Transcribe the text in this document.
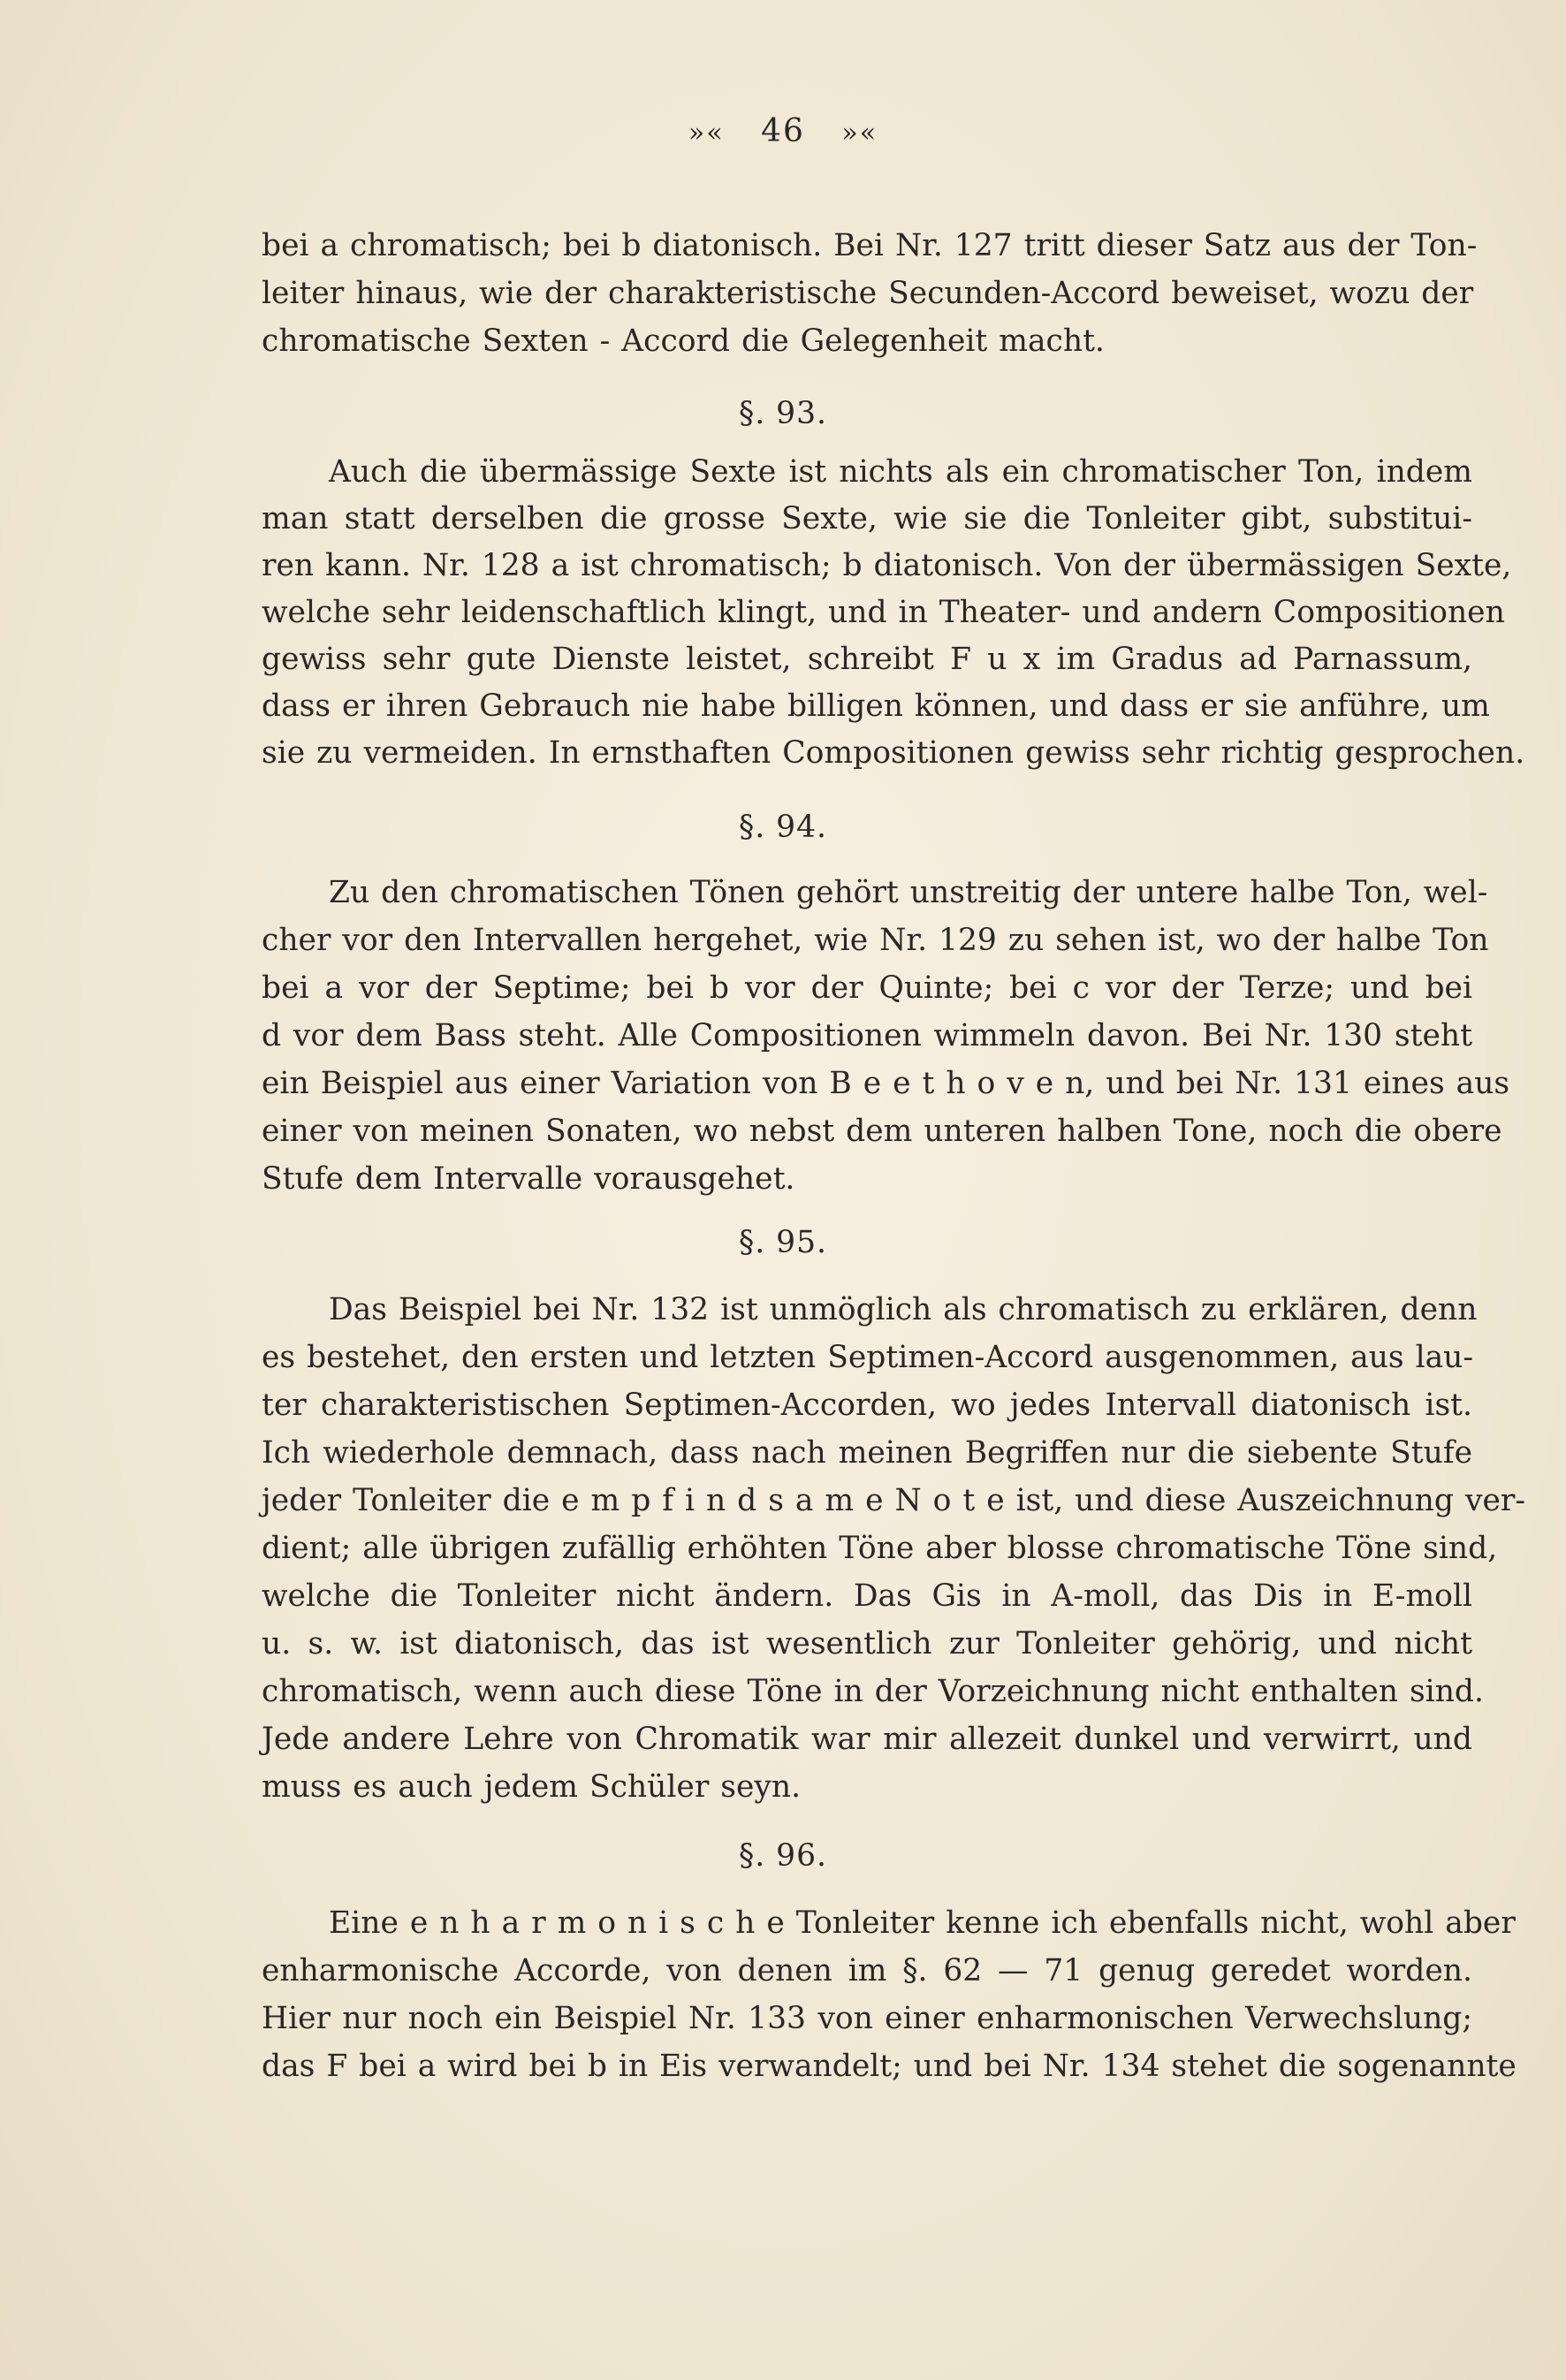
»« 46 »«
bei a chromatisch; bei b diatonisch. Bei Nr. 127 tritt dieser Satz aus der Ton-
leiter hinaus, wie der charakteristische Secunden-Accord beweiset, wozu der
chromatische Sexten - Accord die Gelegenheit macht.
§. 93.
Auch die übermässige Sexte ist nichts als ein chromatischer Ton, indem
man statt derselben die grosse Sexte, wie sie die Tonleiter gibt, substitui-
ren kann. Nr. 128 a ist chromatisch; b diatonisch. Von der übermässigen Sexte,
welche sehr leidenschaftlich klingt, und in Theater- und andern Compositionen
gewiss sehr gute Dienste leistet, schreibt F u x im Gradus ad Parnassum,
dass er ihren Gebrauch nie habe billigen können, und dass er sie anführe, um
sie zu vermeiden. In ernsthaften Compositionen gewiss sehr richtig gesprochen.
§. 94.
Zu den chromatischen Tönen gehört unstreitig der untere halbe Ton, wel-
cher vor den Intervallen hergehet, wie Nr. 129 zu sehen ist, wo der halbe Ton
bei a vor der Septime; bei b vor der Quinte; bei c vor der Terze; und bei
d vor dem Bass steht. Alle Compositionen wimmeln davon. Bei Nr. 130 steht
ein Beispiel aus einer Variation von B e e t h o v e n, und bei Nr. 131 eines aus
einer von meinen Sonaten, wo nebst dem unteren halben Tone, noch die obere
Stufe dem Intervalle vorausgehet.
§. 95.
Das Beispiel bei Nr. 132 ist unmöglich als chromatisch zu erklären, denn
es bestehet, den ersten und letzten Septimen-Accord ausgenommen, aus lau-
ter charakteristischen Septimen-Accorden, wo jedes Intervall diatonisch ist.
Ich wiederhole demnach, dass nach meinen Begriffen nur die siebente Stufe
jeder Tonleiter die e m p f i n d s a m e N o t e ist, und diese Auszeichnung ver-
dient; alle übrigen zufällig erhöhten Töne aber blosse chromatische Töne sind,
welche die Tonleiter nicht ändern. Das Gis in A-moll, das Dis in E-moll
u. s. w. ist diatonisch, das ist wesentlich zur Tonleiter gehörig, und nicht
chromatisch, wenn auch diese Töne in der Vorzeichnung nicht enthalten sind.
Jede andere Lehre von Chromatik war mir allezeit dunkel und verwirrt, und
muss es auch jedem Schüler seyn.
§. 96.
Eine e n h a r m o n i s c h e Tonleiter kenne ich ebenfalls nicht, wohl aber
enharmonische Accorde, von denen im §. 62 — 71 genug geredet worden.
Hier nur noch ein Beispiel Nr. 133 von einer enharmonischen Verwechslung;
das F bei a wird bei b in Eis verwandelt; und bei Nr. 134 stehet die sogenannte
